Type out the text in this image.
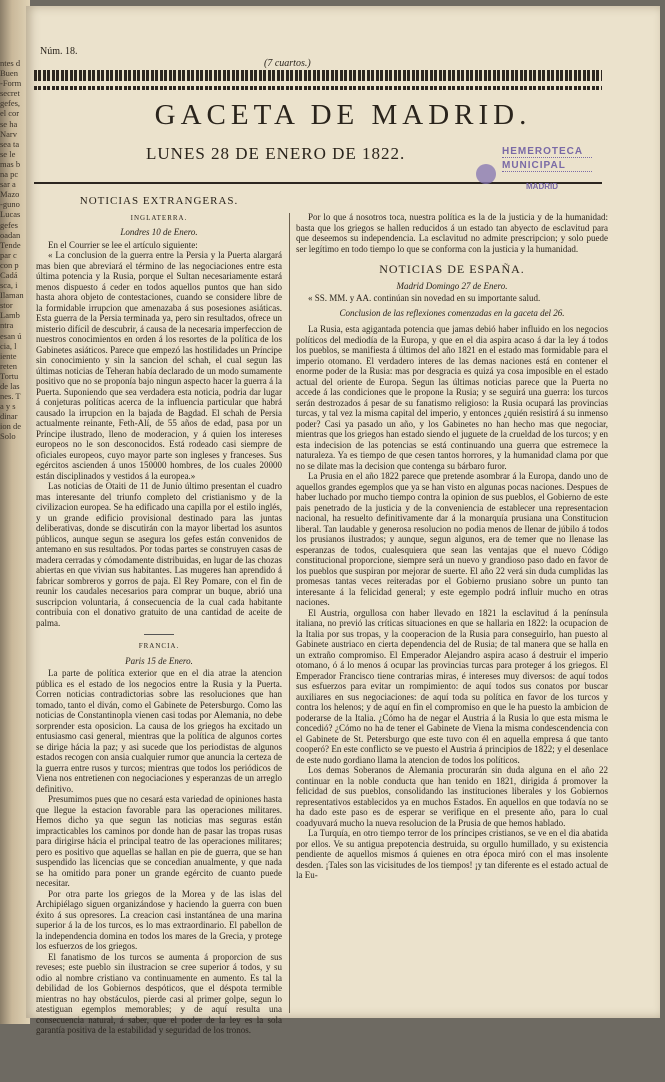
ntes d
Buen
-Form
secret
gefes,
el cor
se ha
Narv
sea ta
se le
mas b
na pc
sar a
Mazo
-guno
Lucas
gefes
oadan
Tende
par c
con p
Cadá
sca, i
Ilaman
stor
Lamb
ntra
esan ú
cia, l
iente
reten
Tortu
de las
nes. T
a y s
dinar
ion de
Solo
Núm. 18.
(7 cuartos.)
GACETA DE MADRID.
LUNES 28 DE ENERO DE 1822.	HEMEROTECA
MUNICIPAL
MADRID
NOTICIAS EXTRANGERAS.
INGLATERRA.
Londres 10 de Enero.

En el Courrier se lee el artículo siguiente:

« La conclusion de la guerra entre la Persia y la Puerta alargará mas bien que abreviará el término de las negociaciones entre esta última potencia y la Rusia, porque el Sultan necesariamente estará menos dispuesto á ceder en todos aquellos puntos que han sido hasta ahora objeto de contestaciones, cuando se considere libre de la formidable irrupcion que amenazaba á sus posesiones asiáticas. Esta guerra de la Persia terminada ya, pero sin resultados, ofrece un misterio difícil de descubrir, á causa de la necesaria imperfeccion de nuestros conocimientos en orden á los resortes de la política de los Gabinetes asiáticos. Parece que empezó las hostilidades un Príncipe sin conocimiento y sin la sancion del schah, el cual segun las últimas noticias de Teheran había declarado de un modo sumamente positivo que no se proponía bajo ningun aspecto hacer la guerra á la Puerta. Suponiendo que sea verdadera esta noticia, podria dar lugar á conjeturas políticas acerca de la influencia particular que habrá causado la irrupcion en la bajada de Bagdad. El schah de Persia actualmente reinante, Feth-Alí, de 55 años de edad, pasa por un Príncipe ilustrado, lleno de moderacion, y á quien los intereses europeos no le son desconocidos. Está rodeado casi siempre de oficiales europeos, cuyo mayor parte son ingleses y franceses. Sus egércitos ascienden á unos 150000 hombres, de los cuales 20000 están disciplinados y vestidos á la europea.»

Las noticias de Otaiti de 11 de Junio último presentan el cuadro mas interesante del triunfo completo del cristianismo y de la civilizacion europea. Se ha edificado una capilla por el estilo inglés, y un grande edificio provisional destinado para las juntas deliberativas, donde se discutirán con la mayor libertad los asuntos públicos, aunque segun se asegura los gefes están convenidos de antemano en sus resultados. Por todas partes se construyen casas de madera cerradas y cómodamente distribuidas, en lugar de las chozas abiertas en que vivian sus habitantes. Las mugeres han aprendido á fabricar sombreros y gorros de paja. El Rey Pomare, con el fin de reunir los caudales necesarios para comprar un buque, abrió una suscripcion voluntaria, á consecuencia de la cual cada habitante contribuia con el donativo gratuito de una cantidad de aceite de palma.

FRANCIA.
Paris 15 de Enero.

La parte de política exterior que en el dia atrae la atencion pública es el estado de los negocios entre la Rusia y la Puerta. Corren noticias contradictorias sobre las resoluciones que han tomado, tanto el diván, como el Gabinete de Petersburgo. Como las noticias de Constantinopla vienen casi todas por Alemania, no debe sorprender esta oposicion. La causa de los griegos ha excitado un entusiasmo casi general, mientras que la política de algunos cortes se dirige hácia la paz; y asi sucede que los periodistas de algunos estados recogen con ansia cualquier rumor que anuncia la certeza de la guerra entre rusos y turcos; mientras que todos los periódicos de Viena nos entretienen con negociaciones y esperanzas de un arreglo definitivo.

Presumimos pues que no cesará esta variedad de opiniones hasta que llegue la estacion favorable para las operaciones militares. Hemos dicho ya que segun las noticias mas seguras están impracticables los caminos por donde han de pasar las tropas rusas para dirigirse hácia el principal teatro de las operaciones militares; pero es positivo que aquellas se hallan en pie de guerra, que se han suspendido las licencias que se concedian anualmente, y que nada se ha omitido para poner un grande egército de cuanto puede necesitar.

Por otra parte los griegos de la Morea y de las islas del Archipiélago siguen organizándose y haciendo la guerra con buen éxito á sus opresores. La creacion casi instantánea de una marina superior á la de los turcos, es lo mas extraordinario. El pabellon de la independencia domina en todos los mares de la Grecia, y protege los esfuerzos de los griegos.

El fanatismo de los turcos se aumenta á proporcion de sus reveses; este pueblo sin ilustracion se cree superior á todos, y su odio al nombre cristiano va continuamente en aumento. Es tal la debilidad de los Gobiernos despóticos, que el déspota termible mientras no hay obstáculos, pierde casi al primer golpe, segun lo atestiguan egemplos memorables; y de aquí resulta una consecuencia natural, á saber, que el poder de la ley es la sola garantía positiva de la estabilidad y seguridad de los tronos.

Por lo que á nosotros toca, nuestra política es la de la justicia y de la humanidad: basta que los griegos se hallen reducidos á un estado tan abyecto de esclavitud para que deseemos su independencia. La esclavitud no admite prescripcion; y solo puede ser legítimo en todo tiempo lo que se conforma con la justicia y la humanidad.

NOTICIAS DE ESPAÑA.
Madrid Domingo 27 de Enero.

« SS. MM. y AA. continúan sin novedad en su importante salud.

Conclusion de las reflexiones comenzadas en la gaceta del 26.

La Rusia, esta agigantada potencia que jamas debió haber influido en los negocios políticos del mediodía de la Europa, y que en el dia aspira acaso á dar la ley á todos los pueblos, se manifiesta á últimos del año 1821 en el estado mas formidable para el imperio otomano. El verdadero interes de las demas naciones está en contener el enorme poder de la Rusia: mas por desgracia es quizá ya cosa imposible en el estado actual del oriente de Europa. Segun las últimas noticias parece que la Puerta no accede á las condiciones que le propone la Rusia; y se seguirá una guerra: los turcos serán destrozados á pesar de su fanatismo religioso: la Rusia ocupará las provincias turcas, y tal vez la misma capital del imperio, y entonces ¿quién resistirá á su inmenso poder? Casi ya pasado un año, y los Gabinetes no han hecho mas que negociar, mientras que los griegos han estado siendo el juguete de la crueldad de los turcos; y en esta indecision de las potencias se está continuando una guerra que estremece la naturaleza. Ya es tiempo de que cesen tantos horrores, y la humanidad clama por que no se dilate mas la decision que contenga su bárbaro furor.

La Prusia en el año 1822 parece que pretende asombrar á la Europa, dando uno de aquellos grandes egemplos que ya se han visto en algunas pocas naciones. Despues de haber luchado por mucho tiempo contra la opinion de sus pueblos, el Gobierno de este pais penetrado de la justicia y de la conveniencia de establecer una representacion nacional, ha resuelto definitivamente dar á la monarquía prusiana una Constitucion liberal. Tan laudable y generosa resolucion no podia menos de llenar de júbilo á todos los prusianos ilustrados; y aunque, segun algunos, era de temer que no llenase las esperanzas de todos, cualesquiera que sean las ventajas que el nuevo Código constitucional proporcione, siempre será un nuevo y grandioso paso dado en favor de los pueblos que suspiran por mejorar de suerte. El año 22 verá sin duda cumplidas las promesas tantas veces reiteradas por el Gobierno prusiano sobre un punto tan interesante á la felicidad general; y este egemplo podrá influir mucho en otras naciones.

El Austria, orgullosa con haber llevado en 1821 la esclavitud á la península italiana, no previó las críticas situaciones en que se hallaria en 1822: la ocupacion de la Italia por sus tropas, y la cooperacion de la Rusia para conseguirlo, han puesto al Gabinete austriaco en cierta dependencia del de Rusia; de tal manera que se halla en un extraño compromiso. El Emperador Alejandro aspira acaso á destruir el imperio otomano, ó á lo menos á ocupar las provincias turcas para proteger á los griegos. El Emperador Francisco tiene contrarias miras, é intereses muy diversos: de aquí todos sus esfuerzos para evitar un rompimiento: de aquí todos sus conatos por buscar auxiliares en sus negociaciones: de aquí toda su política en favor de los turcos y contra los helenos; y de aquí en fin el compromiso en que le ha puesto la ambicion de poderarse de la Italia. ¿Cómo ha de negar el Austria á la Rusia lo que esta misma le concedió? ¿Cómo no ha de tener el Gabinete de Viena la misma condescendencia con el Gabinete de St. Petersburgo que este tuvo con él en aquella empresa á que tanto cooperó? En este conflicto se ve puesto el Austria á principios de 1822; y el desenlace de este nudo gordiano llama la atencion de todos los políticos.

Los demas Soberanos de Alemania procurarán sin duda alguna en el año 22 continuar en la noble conducta que han tenido en 1821, dirigida á promover la felicidad de sus pueblos, consolidando las instituciones liberales y los Gobiernos representativos establecidos ya en muchos Estados. En aquellos en que todavía no se ha dado este paso es de esperar se verifique en el presente año, para lo cual coadyuvará mucho la nueva resolucion de la Prusia de que hemos hablado.

La Turquía, en otro tiempo terror de los príncipes cristianos, se ve en el dia abatida por ellos. Ve su antigua prepotencia destruida, su orgullo humillado, y su existencia pendiente de aquellos mismos á quienes en otra época miró con el mas insolente desden. ¡Tales son las vicisitudes de los tiempos! ¡y tan diferente es el estado actual de la Eu-
